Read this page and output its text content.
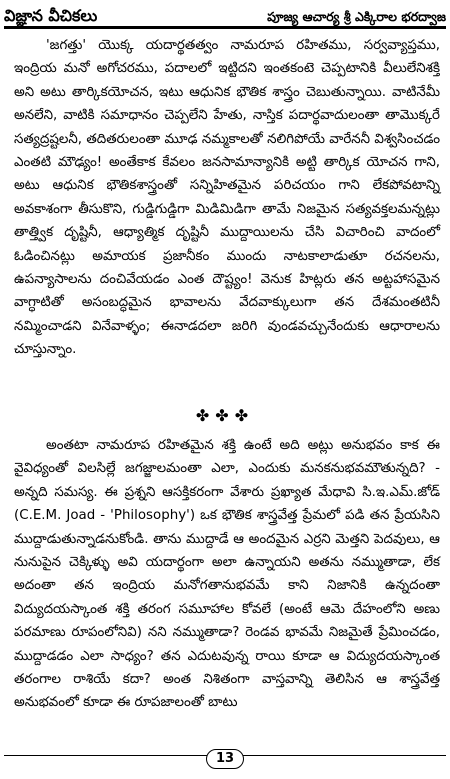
విజ్ఞాన వీచికలు	పూజ్య ఆచార్య శ్రీ ఎక్కిరాల భరద్వాజ

'జగత్తు' యొక్క యదార్థతత్వం నామరూప రహితము, సర్వవ్యాప్తము, ఇంద్రియ మనో అగోచరము, పదాలలో ఇట్టిదని ఇంతకంటె చెప్పటానికి వీలులేనిశక్తి అని అటు తార్కికయోచన, ఇటు ఆధునిక భౌతిక శాస్త్రం చెబుతున్నాయి. వాటినేమీ అనలేని, వాటికి సమాధానం చెప్పలేని హేతు, నాస్తిక పదార్థవాదులంతా తామొక్కరే సత్యద్రష్టలనీ, తదితరులంతా మూఢ నమ్మకాలతో నలిగిపోయే వారేననీ విశ్వసించడం ఎంతటి మౌఢ్యం! అంతేకాక కేవలం జనసామాన్యానికి అట్టి తార్కిక యోచన గాని, అటు ఆధునిక భౌతికశాస్త్రంతో సన్నిహితమైన పరిచయం గాని లేకపోవటాన్ని అవకాశంగా తీసుకొని, గుడ్డిగుడ్డిగా మిడిమిడిగా తామే నిజమైన సత్యవక్తలమన్నట్లు తాత్త్విక దృష్టినీ, ఆధ్యాత్మిక దృష్టినీ ముద్దాయిలను చేసి విచారించి వాదంలో ఓడించినట్లు అమాయక ప్రజానీకం ముందు నాటకాలాడుతూ రచనలను, ఉపన్యాసాలను దంచివేయడం ఎంత దౌష్ట్యం! వెనుక హిట్లరు తన అట్టహాసమైన వాగ్ధాటితో అసంబద్ధమైన భావాలను వేదవాక్కులుగా తన దేశమంతటినీ నమ్మించాడని వినేవాళ్ళం; ఈనాడదలా జరిగి వుండవచ్చునేందుకు ఆధారాలను చూస్తున్నాం.

✤✤✤

అంతటా నామరూప రహితమైన శక్తి ఉంటే అది అట్లు అనుభవం కాక ఈ వైవిధ్యంతో విలసిల్లే జగజ్జాలమంతా ఎలా, ఎందుకు మనకనుభవమౌతున్నది? - అన్నది సమస్య. ఈ ప్రశ్నని ఆసక్తికరంగా వేశారు ప్రఖ్యాత మేధావి సి.ఇ.ఎమ్.జోడ్ (C.E.M. Joad - 'Philosophy') ఒక భౌతిక శాస్త్రవేత్త ప్రేమలో పడి తన ప్రేయసిని ముద్దాడుతున్నాడనుకోండి. తాను ముద్దాడే ఆ అందమైన ఎర్రని మెత్తని పెదవులు, ఆ నునుపైన చెక్కిళ్ళు అవి యదార్థంగా అలా ఉన్నాయని అతను నమ్ముతాడా, లేక అదంతా తన ఇంద్రియ మనోగతానుభవమే కాని నిజానికి ఉన్నదంతా విద్యుదయస్కాంత శక్తి తరంగ సమూహాల కోవలే (అంటే ఆమె దేహంలోని అణు పరమాణు రూపంలోనివి) నని నమ్ముతాడా? రెండవ భావమే నిజమైతే ప్రేమించడం, ముద్దాడడం ఎలా సాధ్యం? తన ఎదుటవున్న రాయి కూడా ఆ విద్యుదయస్కాంత తరంగాల రాశియే కదా? అంత నిశితంగా వాస్తవాన్ని తెలిసిన ఆ శాస్త్రవేత్త అనుభవంలో కూడా ఈ రూపజాలంతో బాటు

13
